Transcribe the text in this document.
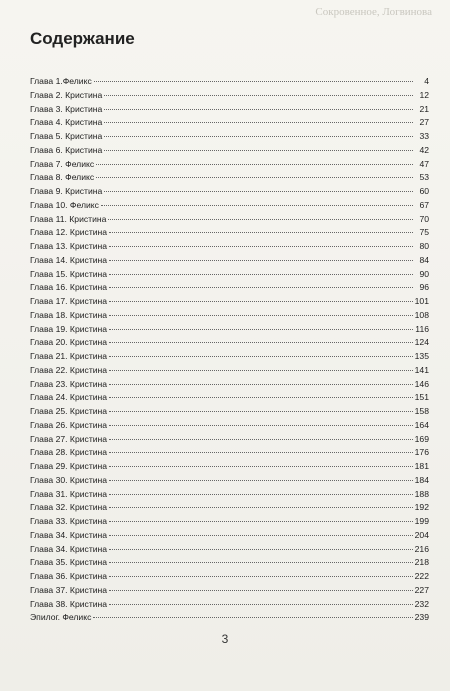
Сокровенное, Логвинова
Содержание
Глава 1.Феликс	4
Глава 2. Кристина	12
Глава 3. Кристина	21
Глава 4. Кристина	27
Глава 5. Кристина	33
Глава 6. Кристина	42
Глава 7. Феликс	47
Глава 8. Феликс	53
Глава 9. Кристина	60
Глава 10. Феликс	67
Глава 11. Кристина	70
Глава 12. Кристина	75
Глава 13. Кристина	80
Глава 14. Кристина	84
Глава 15. Кристина	90
Глава 16. Кристина	96
Глава 17. Кристина	101
Глава 18. Кристина	108
Глава 19. Кристина	116
Глава 20. Кристина	124
Глава 21. Кристина	135
Глава 22. Кристина	141
Глава 23. Кристина	146
Глава 24. Кристина	151
Глава 25. Кристина	158
Глава 26. Кристина	164
Глава 27. Кристина	169
Глава 28. Кристина	176
Глава 29. Кристина	181
Глава 30. Кристина	184
Глава 31. Кристина	188
Глава 32. Кристина	192
Глава 33. Кристина	199
Глава 34. Кристина	204
Глава 34. Кристина	216
Глава 35. Кристина	218
Глава 36. Кристина	222
Глава 37. Кристина	227
Глава 38. Кристина	232
Эпилог. Феликс	239
3
